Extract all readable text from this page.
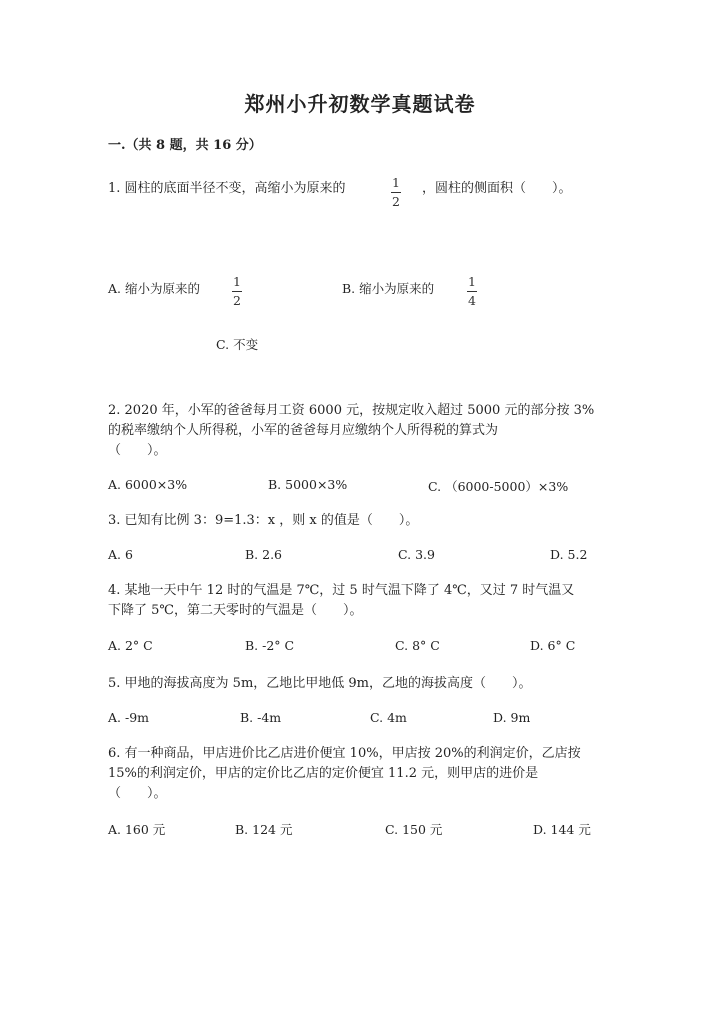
郑州小升初数学真题试卷
一.（共 8 题，共 16 分）
1. 圆柱的底面半径不变，高缩小为原来的	1
2
，圆柱的侧面积（　　）。
A. 缩小为原来的	1
2
B. 缩小为原来的	1
4
C. 不变
2. 2020 年，小军的爸爸每月工资 6000 元，按规定收入超过 5000 元的部分按 3%
的税率缴纳个人所得税，小军的爸爸每月应缴纳个人所得税的算式为
（　　）。
A. 6000×3%	B. 5000×3%	C. （6000-5000）×3%
3. 已知有比例 3：9=1.3：x ，则 x 的值是（　　）。
A. 6	B. 2.6	C. 3.9	D. 5.2
4. 某地一天中午 12 时的气温是 7℃，过 5 时气温下降了 4℃，又过 7 时气温又
下降了 5℃，第二天零时的气温是（　　）。
A. 2° C	B. -2° C	C. 8° C	D. 6° C
5. 甲地的海拔高度为 5m，乙地比甲地低 9m，乙地的海拔高度（　　）。
A. -9m	B. -4m	C. 4m	D. 9m
6. 有一种商品，甲店进价比乙店进价便宜 10%，甲店按 20%的利润定价，乙店按
15%的利润定价，甲店的定价比乙店的定价便宜 11.2 元，则甲店的进价是
（　　）。
A. 160 元	B. 124 元	C. 150 元	D. 144 元
